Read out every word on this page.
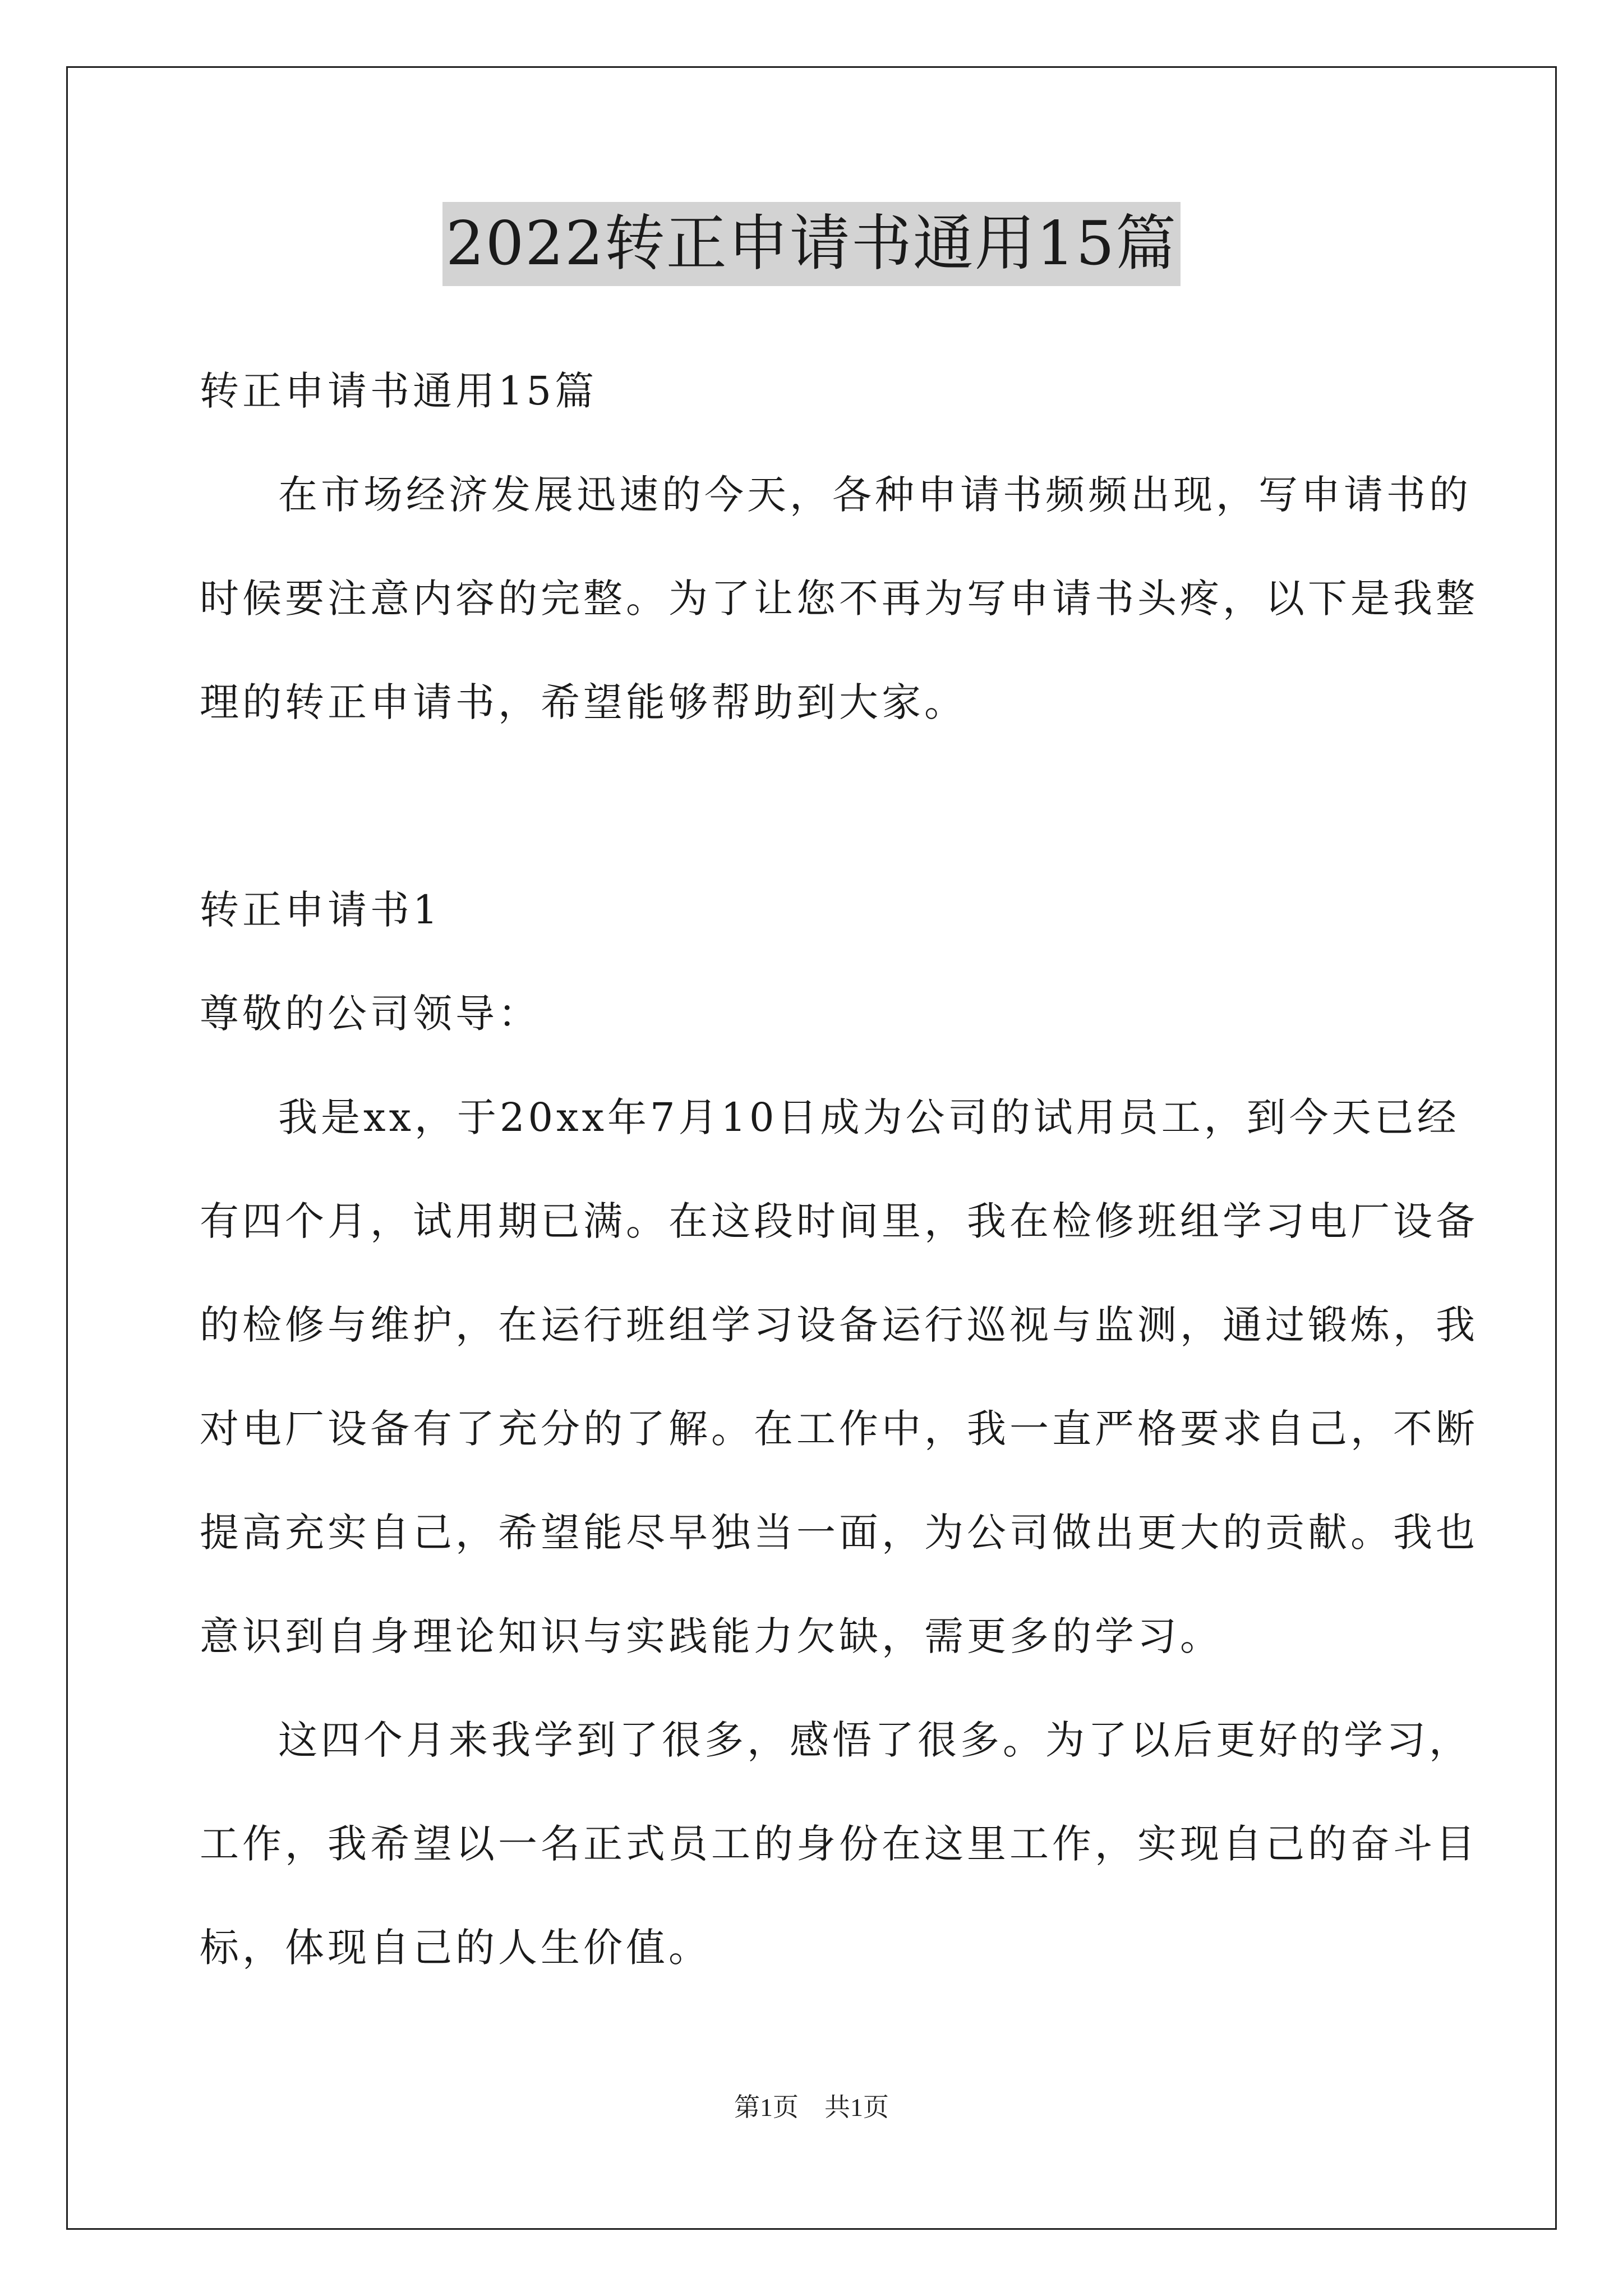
2022转正申请书通用15篇
转正申请书通用15篇
在市场经济发展迅速的今天，各种申请书频频出现，写申请书的
时候要注意内容的完整。为了让您不再为写申请书头疼，以下是我整
理的转正申请书，希望能够帮助到大家。
转正申请书1
尊敬的公司领导：
我是xx，于20xx年7月10日成为公司的试用员工，到今天已经
有四个月，试用期已满。在这段时间里，我在检修班组学习电厂设备
的检修与维护，在运行班组学习设备运行巡视与监测，通过锻炼，我
对电厂设备有了充分的了解。在工作中，我一直严格要求自己，不断
提高充实自己，希望能尽早独当一面，为公司做出更大的贡献。我也
意识到自身理论知识与实践能力欠缺，需更多的学习。
这四个月来我学到了很多，感悟了很多。为了以后更好的学习，
工作，我希望以一名正式员工的身份在这里工作，实现自己的奋斗目
标，体现自己的人生价值。
第1页　共1页
